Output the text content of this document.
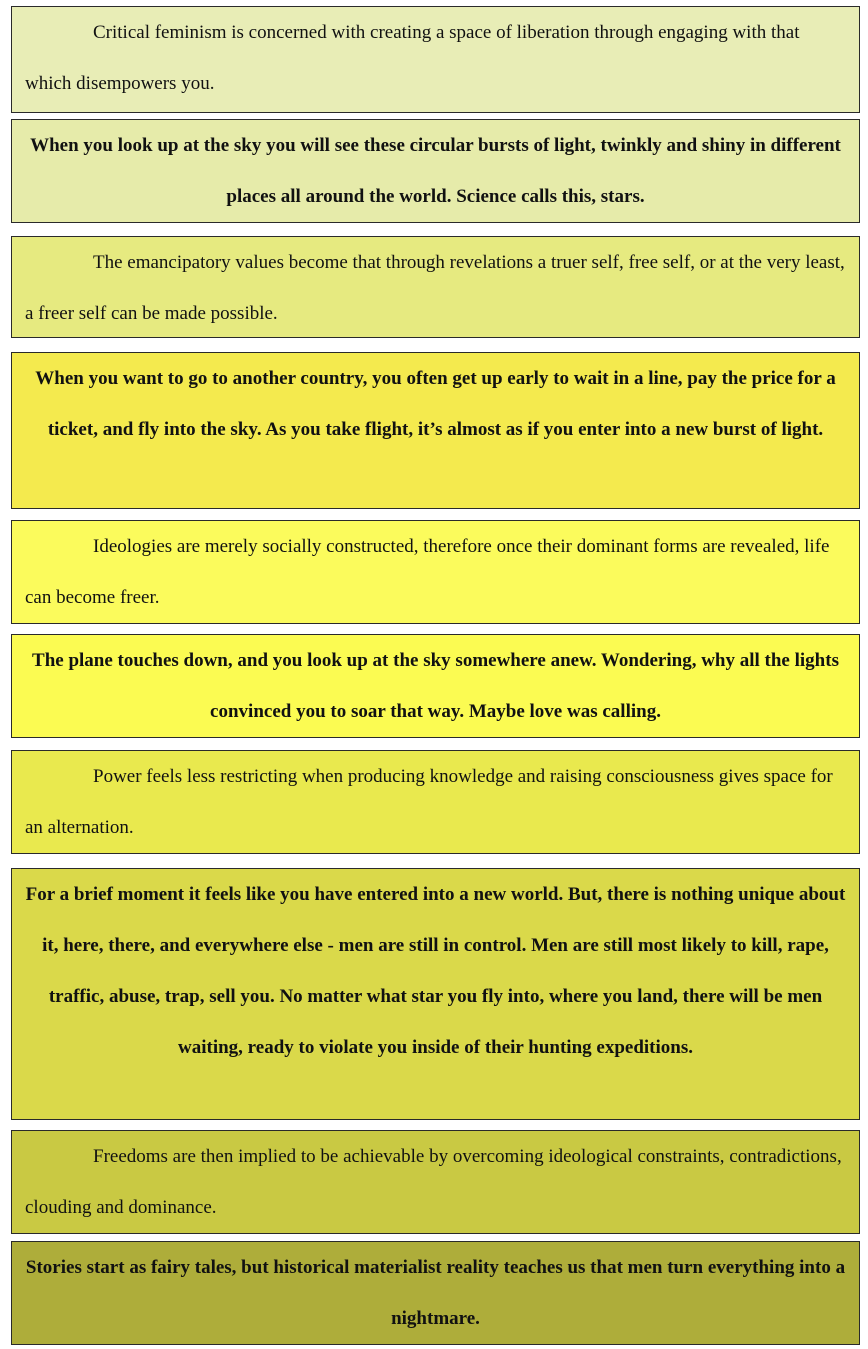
Critical feminism is concerned with creating a space of liberation through engaging with that which disempowers you.

When you look up at the sky you will see these circular bursts of light, twinkly and shiny in different places all around the world. Science calls this, stars.

The emancipatory values become that through revelations a truer self, free self, or at the very least, a freer self can be made possible.

When you want to go to another country, you often get up early to wait in a line, pay the price for a ticket, and fly into the sky. As you take flight, it’s almost as if you enter into a new burst of light.

Ideologies are merely socially constructed, therefore once their dominant forms are revealed, life can become freer.

The plane touches down, and you look up at the sky somewhere anew. Wondering, why all the lights convinced you to soar that way. Maybe love was calling.

Power feels less restricting when producing knowledge and raising consciousness gives space for an alternation.

For a brief moment it feels like you have entered into a new world. But, there is nothing unique about it, here, there, and everywhere else - men are still in control. Men are still most likely to kill, rape, traffic, abuse, trap, sell you. No matter what star you fly into, where you land, there will be men waiting, ready to violate you inside of their hunting expeditions.

Freedoms are then implied to be achievable by overcoming ideological constraints, contradictions, clouding and dominance.

Stories start as fairy tales, but historical materialist reality teaches us that men turn everything into a nightmare.
